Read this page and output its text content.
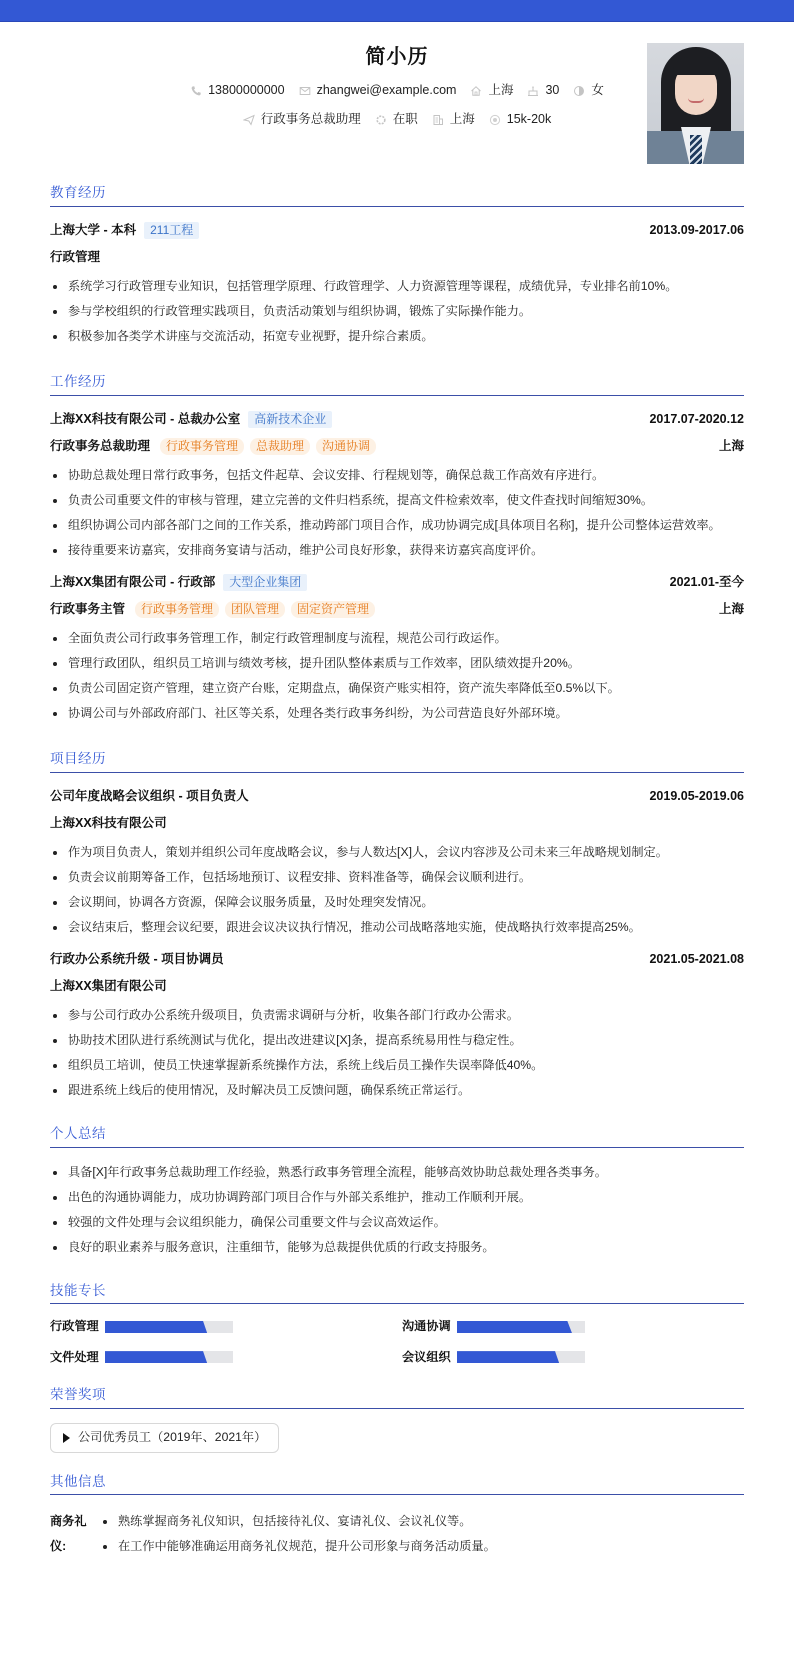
简小历
13800000000	zhangwei@example.com	上海	30	女
行政事务总裁助理	在职	上海	15k-20k
教育经历
上海大学 - 本科	211工程	2013.09-2017.06
行政管理
系统学习行政管理专业知识，包括管理学原理、行政管理学、人力资源管理等课程，成绩优异，专业排名前10%。
参与学校组织的行政管理实践项目，负责活动策划与组织协调，锻炼了实际操作能力。
积极参加各类学术讲座与交流活动，拓宽专业视野，提升综合素质。
工作经历
上海XX科技有限公司 - 总裁办公室	高新技术企业	2017.07-2020.12
行政事务总裁助理	行政事务管理	总裁助理	沟通协调	上海
协助总裁处理日常行政事务，包括文件起草、会议安排、行程规划等，确保总裁工作高效有序进行。
负责公司重要文件的审核与管理，建立完善的文件归档系统，提高文件检索效率，使文件查找时间缩短30%。
组织协调公司内部各部门之间的工作关系，推动跨部门项目合作，成功协调完成[具体项目名称]，提升公司整体运营效率。
接待重要来访嘉宾，安排商务宴请与活动，维护公司良好形象，获得来访嘉宾高度评价。
上海XX集团有限公司 - 行政部	大型企业集团	2021.01-至今
行政事务主管	行政事务管理	团队管理	固定资产管理	上海
全面负责公司行政事务管理工作，制定行政管理制度与流程，规范公司行政运作。
管理行政团队，组织员工培训与绩效考核，提升团队整体素质与工作效率，团队绩效提升20%。
负责公司固定资产管理，建立资产台账，定期盘点，确保资产账实相符，资产流失率降低至0.5%以下。
协调公司与外部政府部门、社区等关系，处理各类行政事务纠纷，为公司营造良好外部环境。
项目经历
公司年度战略会议组织 - 项目负责人	2019.05-2019.06
上海XX科技有限公司
作为项目负责人，策划并组织公司年度战略会议，参与人数达[X]人，会议内容涉及公司未来三年战略规划制定。
负责会议前期筹备工作，包括场地预订、议程安排、资料准备等，确保会议顺利进行。
会议期间，协调各方资源，保障会议服务质量，及时处理突发情况。
会议结束后，整理会议纪要，跟进会议决议执行情况，推动公司战略落地实施，使战略执行效率提高25%。
行政办公系统升级 - 项目协调员	2021.05-2021.08
上海XX集团有限公司
参与公司行政办公系统升级项目，负责需求调研与分析，收集各部门行政办公需求。
协助技术团队进行系统测试与优化，提出改进建议[X]条，提高系统易用性与稳定性。
组织员工培训，使员工快速掌握新系统操作方法，系统上线后员工操作失误率降低40%。
跟进系统上线后的使用情况，及时解决员工反馈问题，确保系统正常运行。
个人总结
具备[X]年行政事务总裁助理工作经验，熟悉行政事务管理全流程，能够高效协助总裁处理各类事务。
出色的沟通协调能力，成功协调跨部门项目合作与外部关系维护，推动工作顺利开展。
较强的文件处理与会议组织能力，确保公司重要文件与会议高效运作。
良好的职业素养与服务意识，注重细节，能够为总裁提供优质的行政支持服务。
技能专长
行政管理	沟通协调
文件处理	会议组织
荣誉奖项
公司优秀员工（2019年、2021年）
其他信息
商务礼仪:
熟练掌握商务礼仪知识，包括接待礼仪、宴请礼仪、会议礼仪等。
在工作中能够准确运用商务礼仪规范，提升公司形象与商务活动质量。
